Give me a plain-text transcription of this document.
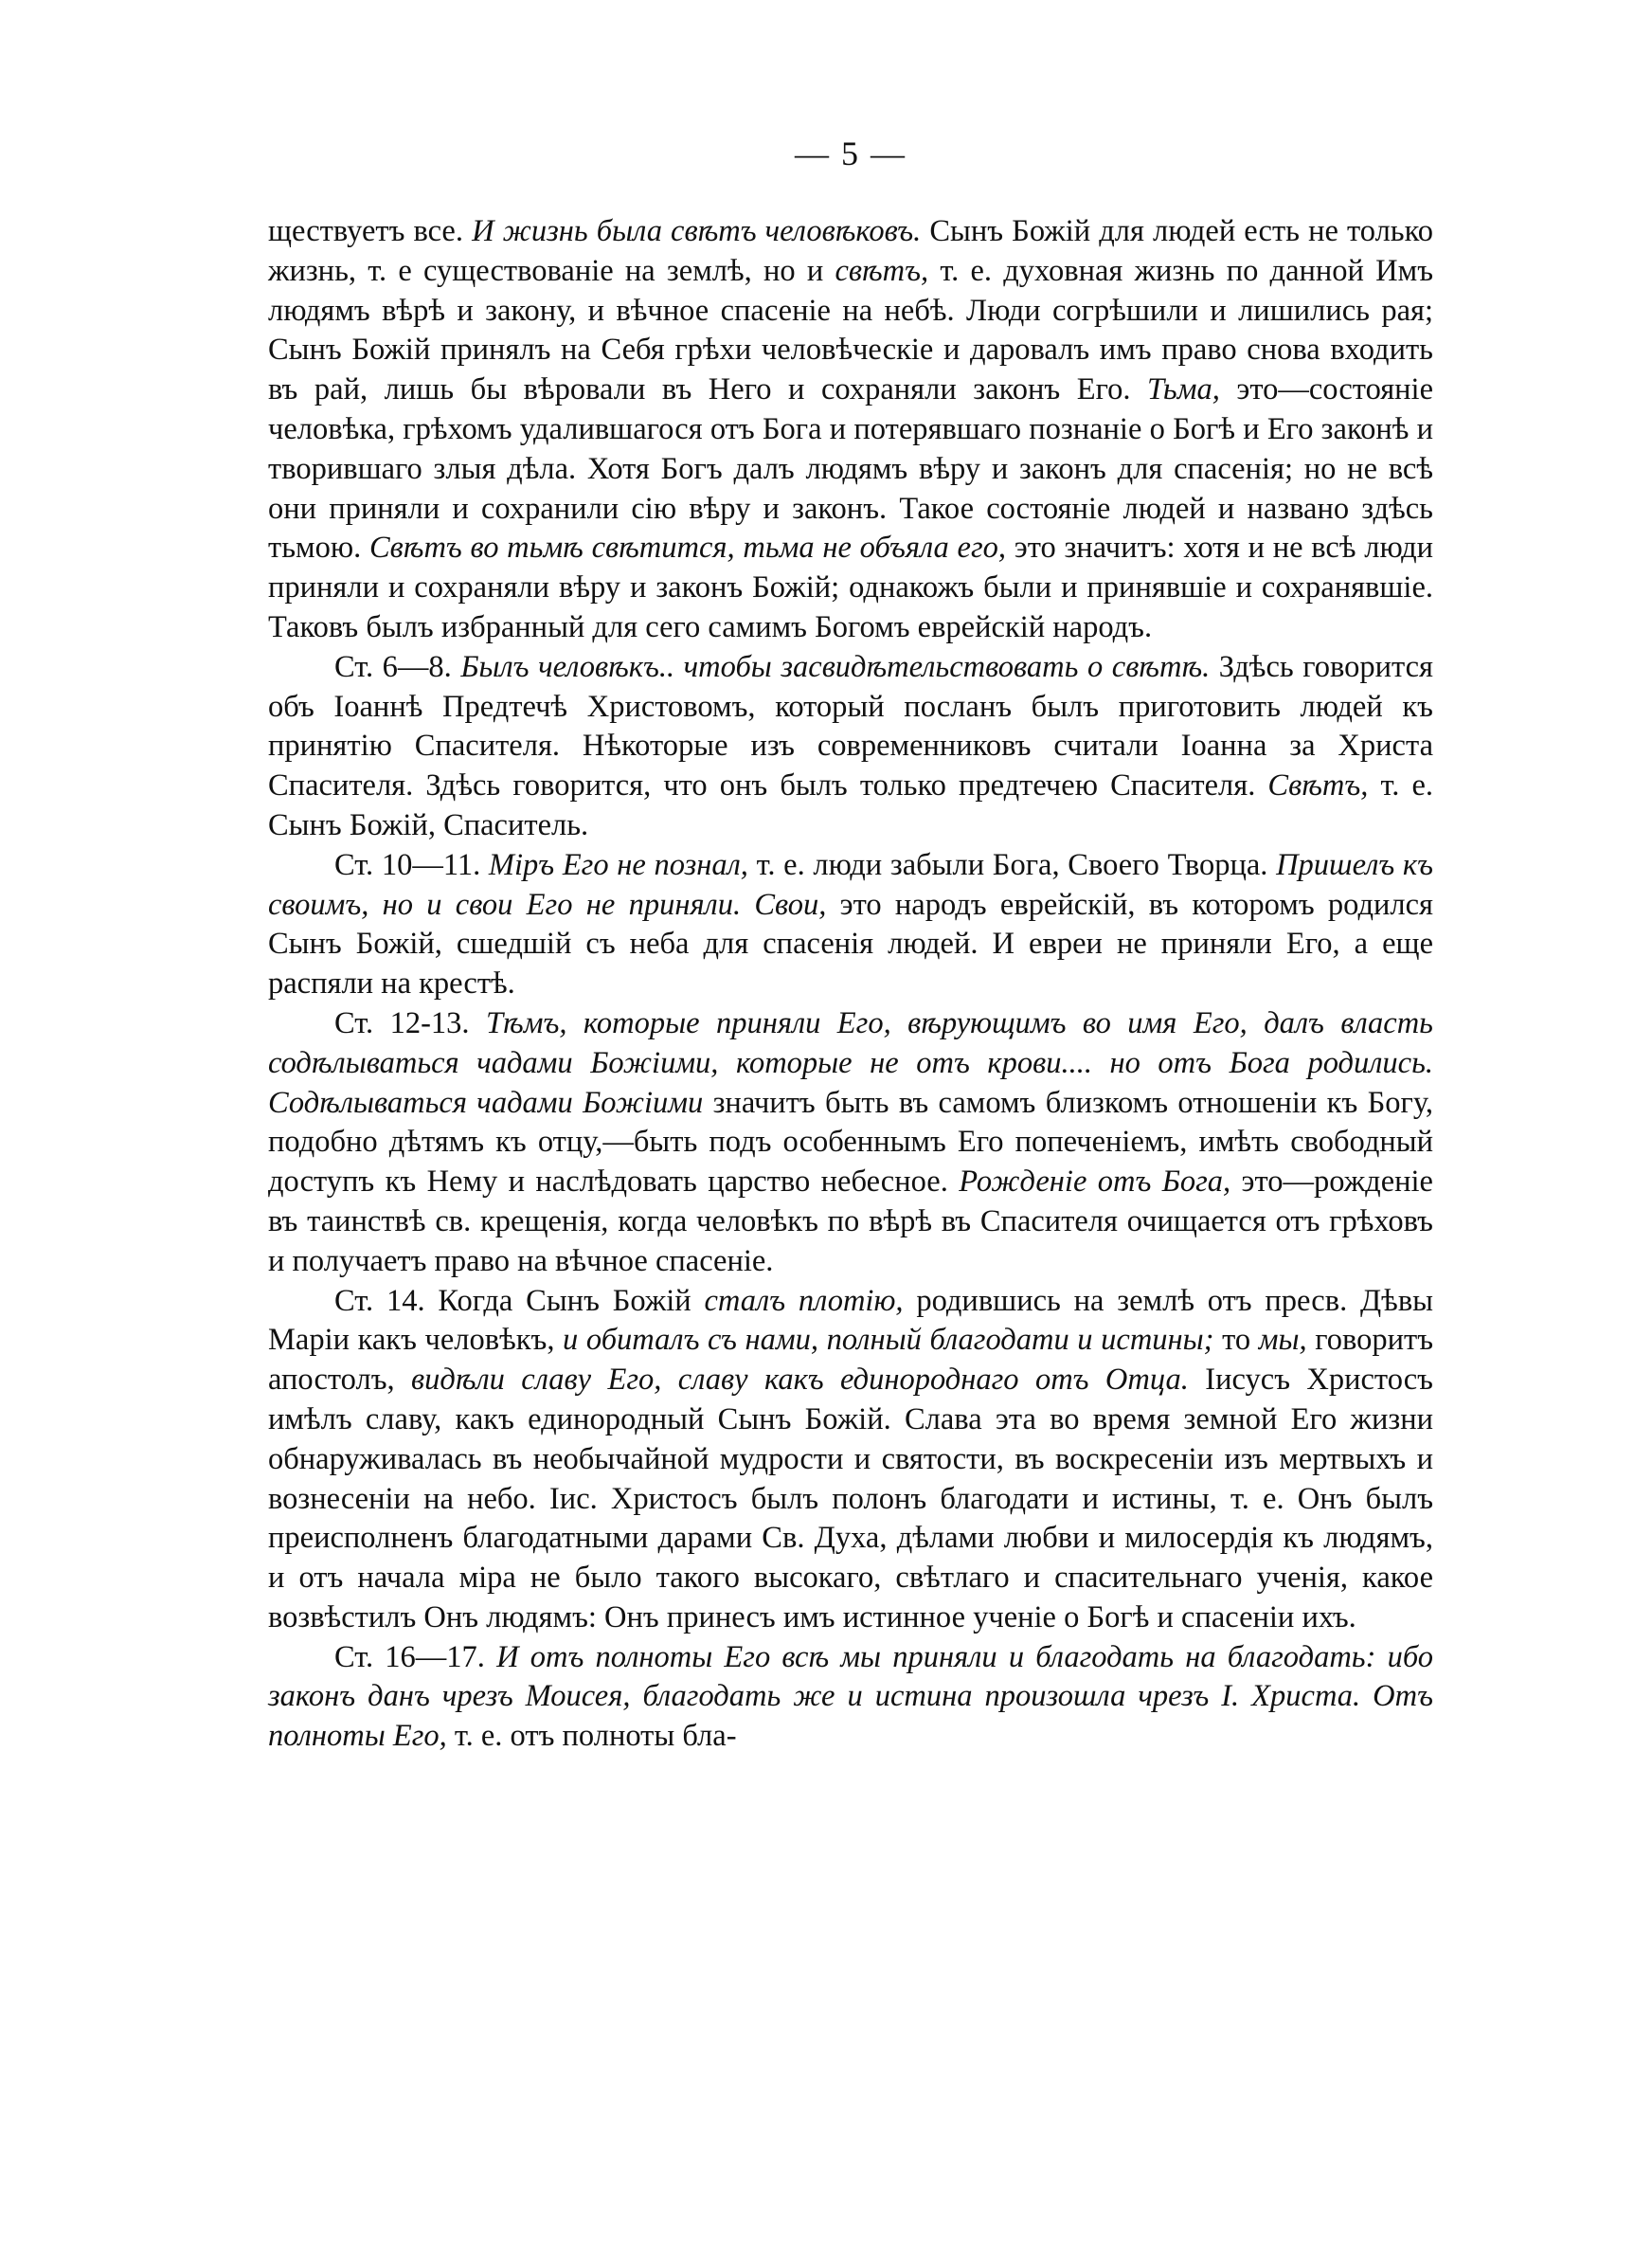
— 5 —

ществуетъ все. И жизнь была свѣтъ человѣковъ. Сынъ Божій для людей есть не только жизнь, т. е существованіе на землѣ, но и свѣтъ, т. е. духовная жизнь по данной Имъ людямъ вѣрѣ и закону, и вѣчное спасеніе на небѣ. Люди согрѣшили и лишились рая; Сынъ Божій принялъ на Себя грѣхи человѣческіе и даровалъ имъ право снова входить въ рай, лишь бы вѣровали въ Него и сохраняли законъ Его. Тьма, это—состояніе человѣка, грѣхомъ удалившагося отъ Бога и потерявшаго познаніе о Богѣ и Его законѣ и творившаго злыя дѣла. Хотя Богъ далъ людямъ вѣру и законъ для спасенія; но не всѣ они приняли и сохранили сію вѣру и законъ. Такое состояніе людей и названо здѣсь тьмою. Свѣтъ во тьмѣ свѣтится, тьма не объяла его, это значитъ: хотя и не всѣ люди приняли и сохраняли вѣру и законъ Божій; однакожъ были и принявшіе и сохранявшіе. Таковъ былъ избранный для сего самимъ Богомъ еврейскій народъ.

Ст. 6—8. Былъ человѣкъ.. чтобы засвидѣтельствовать о свѣтѣ. Здѣсь говорится объ Іоаннѣ Предтечѣ Христовомъ, который посланъ былъ приготовить людей къ принятію Спасителя. Нѣкоторые изъ современниковъ считали Іоанна за Христа Спасителя. Здѣсь говорится, что онъ былъ только предтечею Спасителя. Свѣтъ, т. е. Сынъ Божій, Спаситель.

Ст. 10—11. Міръ Его не познал, т. е. люди забыли Бога, Своего Творца. Пришелъ къ своимъ, но и свои Его не приняли. Свои, это народъ еврейскій, въ которомъ родился Сынъ Божій, сшедшій съ неба для спасенія людей. И евреи не приняли Его, а еще распяли на крестѣ.

Ст. 12-13. Тѣмъ, которые приняли Его, вѣрующимъ во имя Его, далъ власть содѣлываться чадами Божіими, которые не отъ крови.... но отъ Бога родились. Содѣлываться чадами Божіими значитъ быть въ самомъ близкомъ отношеніи къ Богу, подобно дѣтямъ къ отцу,—быть подъ особеннымъ Его попеченіемъ, имѣть свободный доступъ къ Нему и наслѣдовать царство небесное. Рожденіе отъ Бога, это—рожденіе въ таинствѣ св. крещенія, когда человѣкъ по вѣрѣ въ Спасителя очищается отъ грѣховъ и получаетъ право на вѣчное спасеніе.

Ст. 14. Когда Сынъ Божій сталъ плотію, родившись на землѣ отъ пресв. Дѣвы Маріи какъ человѣкъ, и обиталъ съ нами, полный благодати и истины; то мы, говоритъ апостолъ, видѣли славу Его, славу какъ единороднаго отъ Отца. Іисусъ Христосъ имѣлъ славу, какъ единородный Сынъ Божій. Слава эта во время земной Его жизни обнаруживалась въ необычайной мудрости и святости, въ воскресеніи изъ мертвыхъ и вознесеніи на небо. Іис. Христосъ былъ полонъ благодати и истины, т. е. Онъ былъ преисполненъ благодатными дарами Св. Духа, дѣлами любви и милосердія къ людямъ, и отъ начала міра не было такого высокаго, свѣтлаго и спасительнаго ученія, какое возвѣстилъ Онъ людямъ: Онъ принесъ имъ истинное ученіе о Богѣ и спасеніи ихъ.

Ст. 16—17. И отъ полноты Его всѣ мы приняли и благодать на благодать: ибо законъ данъ чрезъ Моисея, благодать же и истина произошла чрезъ І. Христа. Отъ полноты Его, т. е. отъ полноты бла-
